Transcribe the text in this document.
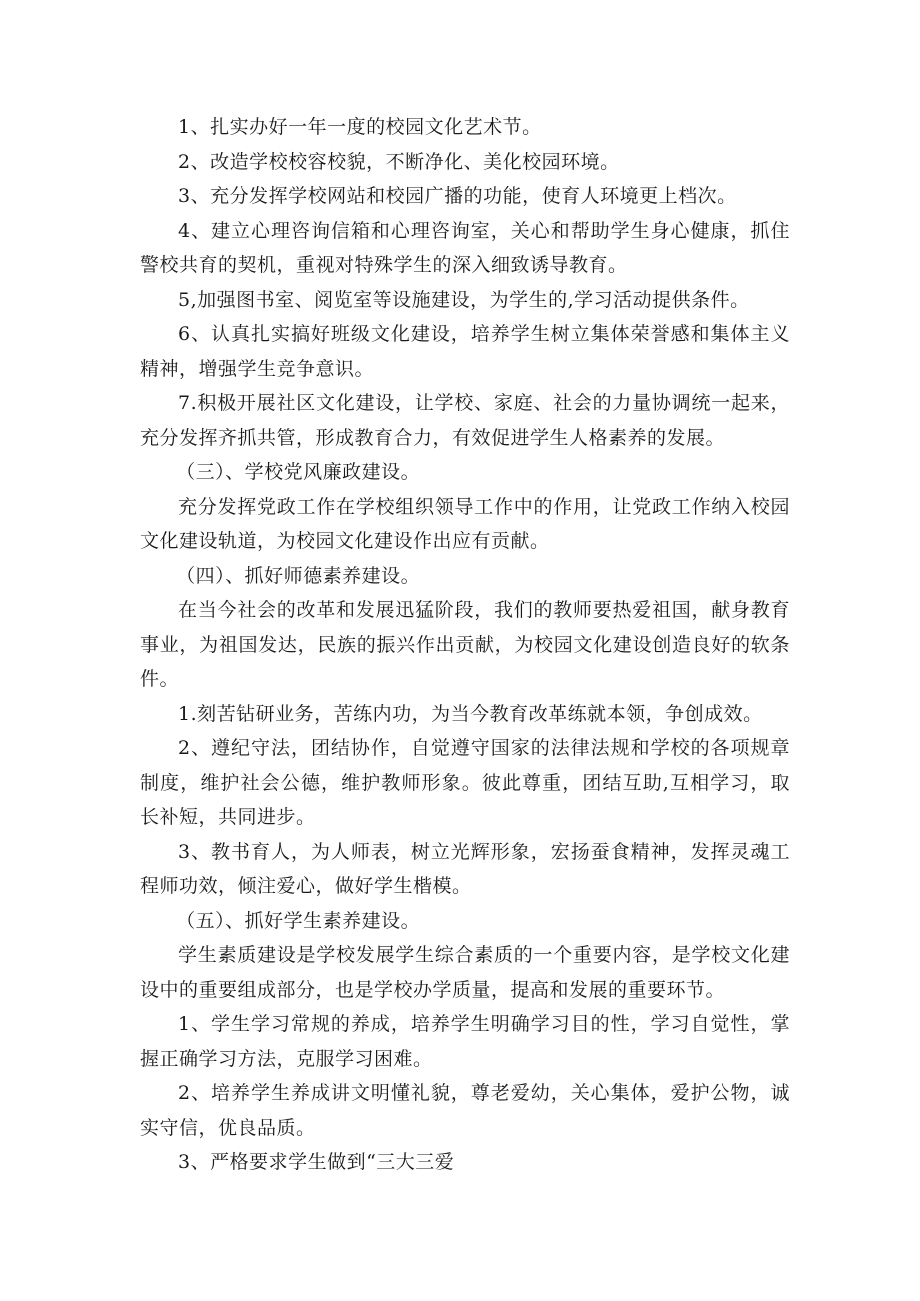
1、扎实办好一年一度的校园文化艺术节。

2、改造学校校容校貌，不断净化、美化校园环境。

3、充分发挥学校网站和校园广播的功能，使育人环境更上档次。

4、建立心理咨询信箱和心理咨询室，关心和帮助学生身心健康，抓住警校共育的契机，重视对特殊学生的深入细致诱导教育。

5,加强图书室、阅览室等设施建设，为学生的,学习活动提供条件。

6、认真扎实搞好班级文化建设，培养学生树立集体荣誉感和集体主义精神，增强学生竞争意识。

7.积极开展社区文化建设，让学校、家庭、社会的力量协调统一起来，充分发挥齐抓共管，形成教育合力，有效促进学生人格素养的发展。

（三）、学校党风廉政建设。

充分发挥党政工作在学校组织领导工作中的作用，让党政工作纳入校园文化建设轨道，为校园文化建设作出应有贡献。

（四）、抓好师德素养建设。

在当今社会的改革和发展迅猛阶段，我们的教师要热爱祖国，献身教育事业，为祖国发达，民族的振兴作出贡献，为校园文化建设创造良好的软条件。

1.刻苦钻研业务，苦练内功，为当今教育改革练就本领，争创成效。

2、遵纪守法，团结协作，自觉遵守国家的法律法规和学校的各项规章制度，维护社会公德，维护教师形象。彼此尊重，团结互助,互相学习，取长补短，共同进步。

3、教书育人，为人师表，树立光辉形象，宏扬蚕食精神，发挥灵魂工程师功效，倾注爱心，做好学生楷模。

（五）、抓好学生素养建设。

学生素质建设是学校发展学生综合素质的一个重要内容，是学校文化建设中的重要组成部分，也是学校办学质量，提高和发展的重要环节。

1、学生学习常规的养成，培养学生明确学习目的性，学习自觉性，掌握正确学习方法，克服学习困难。

2、培养学生养成讲文明懂礼貌，尊老爱幼，关心集体，爱护公物，诚实守信，优良品质。

3、严格要求学生做到“三大三爱
